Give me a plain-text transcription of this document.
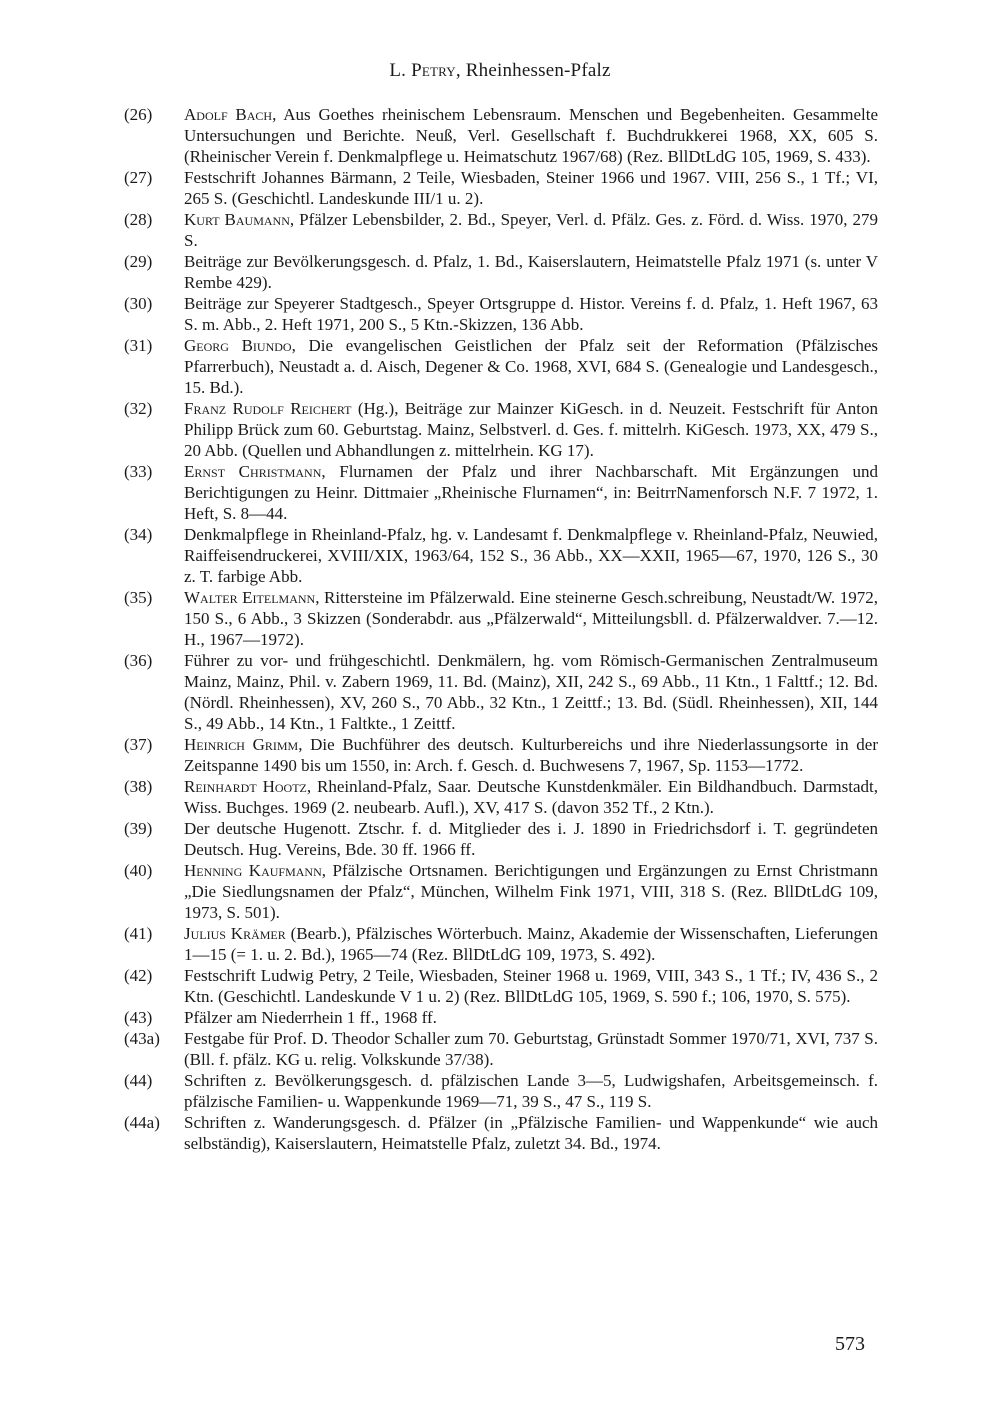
L. Petry, Rheinhessen-Pfalz
(26) Adolf Bach, Aus Goethes rheinischem Lebensraum. Menschen und Begebenheiten. Gesammelte Untersuchungen und Berichte. Neuß, Verl. Gesellschaft f. Buchdrukkerei 1968, XX, 605 S. (Rheinischer Verein f. Denkmalpflege u. Heimatschutz 1967/68) (Rez. BllDtLdG 105, 1969, S. 433).
(27) Festschrift Johannes Bärmann, 2 Teile, Wiesbaden, Steiner 1966 und 1967. VIII, 256 S., 1 Tf.; VI, 265 S. (Geschichtl. Landeskunde III/1 u. 2).
(28) Kurt Baumann, Pfälzer Lebensbilder, 2. Bd., Speyer, Verl. d. Pfälz. Ges. z. Förd. d. Wiss. 1970, 279 S.
(29) Beiträge zur Bevölkerungsgesch. d. Pfalz, 1. Bd., Kaiserslautern, Heimatstelle Pfalz 1971 (s. unter V Rembe 429).
(30) Beiträge zur Speyerer Stadtgesch., Speyer Ortsgruppe d. Histor. Vereins f. d. Pfalz, 1. Heft 1967, 63 S. m. Abb., 2. Heft 1971, 200 S., 5 Ktn.-Skizzen, 136 Abb.
(31) Georg Biundo, Die evangelischen Geistlichen der Pfalz seit der Reformation (Pfälzisches Pfarrerbuch), Neustadt a. d. Aisch, Degener & Co. 1968, XVI, 684 S. (Genealogie und Landesgesch., 15. Bd.).
(32) Franz Rudolf Reichert (Hg.), Beiträge zur Mainzer KiGesch. in d. Neuzeit. Festschrift für Anton Philipp Brück zum 60. Geburtstag. Mainz, Selbstverl. d. Ges. f. mittelrh. KiGesch. 1973, XX, 479 S., 20 Abb. (Quellen und Abhandlungen z. mittelrhein. KG 17).
(33) Ernst Christmann, Flurnamen der Pfalz und ihrer Nachbarschaft. Mit Ergänzungen und Berichtigungen zu Heinr. Dittmaier „Rheinische Flurnamen“, in: BeitrrNamenforsch N.F. 7 1972, 1. Heft, S. 8—44.
(34) Denkmalpflege in Rheinland-Pfalz, hg. v. Landesamt f. Denkmalpflege v. Rheinland-Pfalz, Neuwied, Raiffeisendruckerei, XVIII/XIX, 1963/64, 152 S., 36 Abb., XX—XXII, 1965—67, 1970, 126 S., 30 z. T. farbige Abb.
(35) Walter Eitelmann, Rittersteine im Pfälzerwald. Eine steinerne Gesch.schreibung, Neustadt/W. 1972, 150 S., 6 Abb., 3 Skizzen (Sonderabdr. aus „Pfälzerwald“, Mitteilungsbll. d. Pfälzerwaldver. 7.—12. H., 1967—1972).
(36) Führer zu vor- und frühgeschichtl. Denkmälern, hg. vom Römisch-Germanischen Zentralmuseum Mainz, Mainz, Phil. v. Zabern 1969, 11. Bd. (Mainz), XII, 242 S., 69 Abb., 11 Ktn., 1 Falttf.; 12. Bd. (Nördl. Rheinhessen), XV, 260 S., 70 Abb., 32 Ktn., 1 Zeittf.; 13. Bd. (Südl. Rheinhessen), XII, 144 S., 49 Abb., 14 Ktn., 1 Faltkte., 1 Zeittf.
(37) Heinrich Grimm, Die Buchführer des deutsch. Kulturbereichs und ihre Niederlassungsorte in der Zeitspanne 1490 bis um 1550, in: Arch. f. Gesch. d. Buchwesens 7, 1967, Sp. 1153—1772.
(38) Reinhardt Hootz, Rheinland-Pfalz, Saar. Deutsche Kunstdenkmäler. Ein Bildhandbuch. Darmstadt, Wiss. Buchges. 1969 (2. neubearb. Aufl.), XV, 417 S. (davon 352 Tf., 2 Ktn.).
(39) Der deutsche Hugenott. Ztschr. f. d. Mitglieder des i. J. 1890 in Friedrichsdorf i. T. gegründeten Deutsch. Hug. Vereins, Bde. 30 ff. 1966 ff.
(40) Henning Kaufmann, Pfälzische Ortsnamen. Berichtigungen und Ergänzungen zu Ernst Christmann „Die Siedlungsnamen der Pfalz“, München, Wilhelm Fink 1971, VIII, 318 S. (Rez. BllDtLdG 109, 1973, S. 501).
(41) Julius Krämer (Bearb.), Pfälzisches Wörterbuch. Mainz, Akademie der Wissenschaften, Lieferungen 1—15 (= 1. u. 2. Bd.), 1965—74 (Rez. BllDtLdG 109, 1973, S. 492).
(42) Festschrift Ludwig Petry, 2 Teile, Wiesbaden, Steiner 1968 u. 1969, VIII, 343 S., 1 Tf.; IV, 436 S., 2 Ktn. (Geschichtl. Landeskunde V 1 u. 2) (Rez. BllDtLdG 105, 1969, S. 590 f.; 106, 1970, S. 575).
(43) Pfälzer am Niederrhein 1 ff., 1968 ff.
(43a) Festgabe für Prof. D. Theodor Schaller zum 70. Geburtstag, Grünstadt Sommer 1970/71, XVI, 737 S. (Bll. f. pfälz. KG u. relig. Volkskunde 37/38).
(44) Schriften z. Bevölkerungsgesch. d. pfälzischen Lande 3—5, Ludwigshafen, Arbeitsgemeinsch. f. pfälzische Familien- u. Wappenkunde 1969—71, 39 S., 47 S., 119 S.
(44a) Schriften z. Wanderungsgesch. d. Pfälzer (in „Pfälzische Familien- und Wappenkunde“ wie auch selbständig), Kaiserslautern, Heimatstelle Pfalz, zuletzt 34. Bd., 1974.
573
